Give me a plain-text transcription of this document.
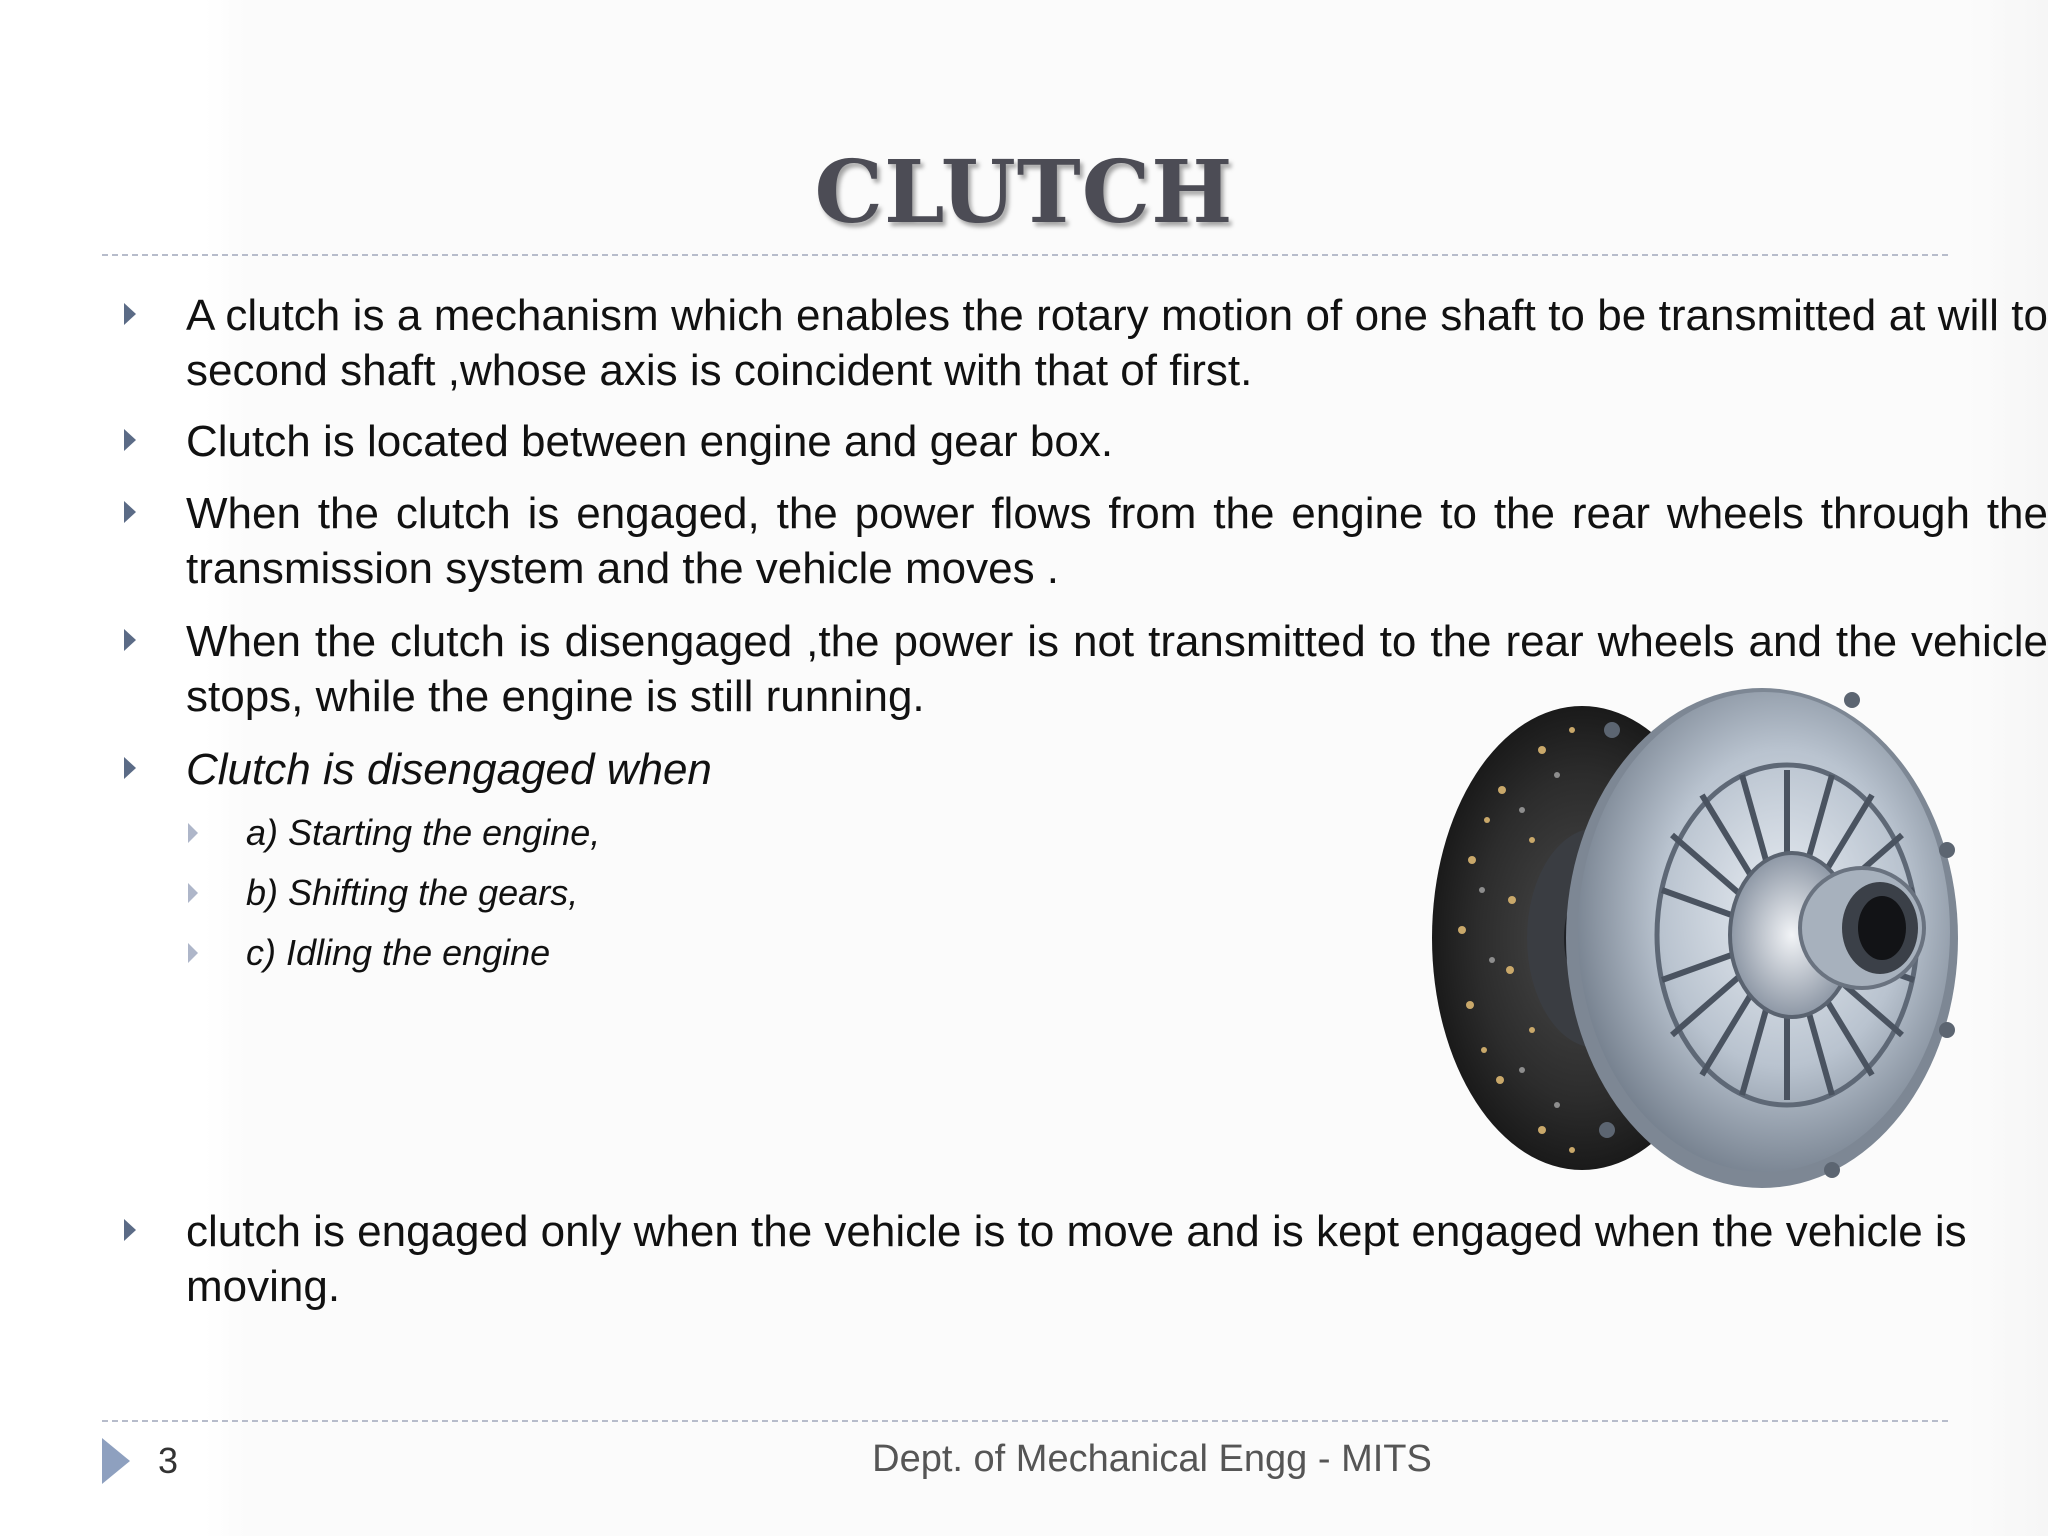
CLUTCH
A clutch is a mechanism which enables the rotary motion of one shaft to be transmitted at will to second shaft ,whose axis is coincident with that of first.
Clutch is located between engine and gear box.
When the clutch is engaged, the power flows from the engine to the rear wheels through the transmission system and the vehicle moves .
When the clutch is disengaged ,the power is not transmitted to the rear wheels and the vehicle stops, while the engine is still running.
Clutch is disengaged when
a) Starting the engine,
b) Shifting the gears,
c) Idling the engine
clutch is engaged only when the vehicle is to move and is kept engaged when the vehicle is moving.
3	Dept. of Mechanical Engg - MITS
